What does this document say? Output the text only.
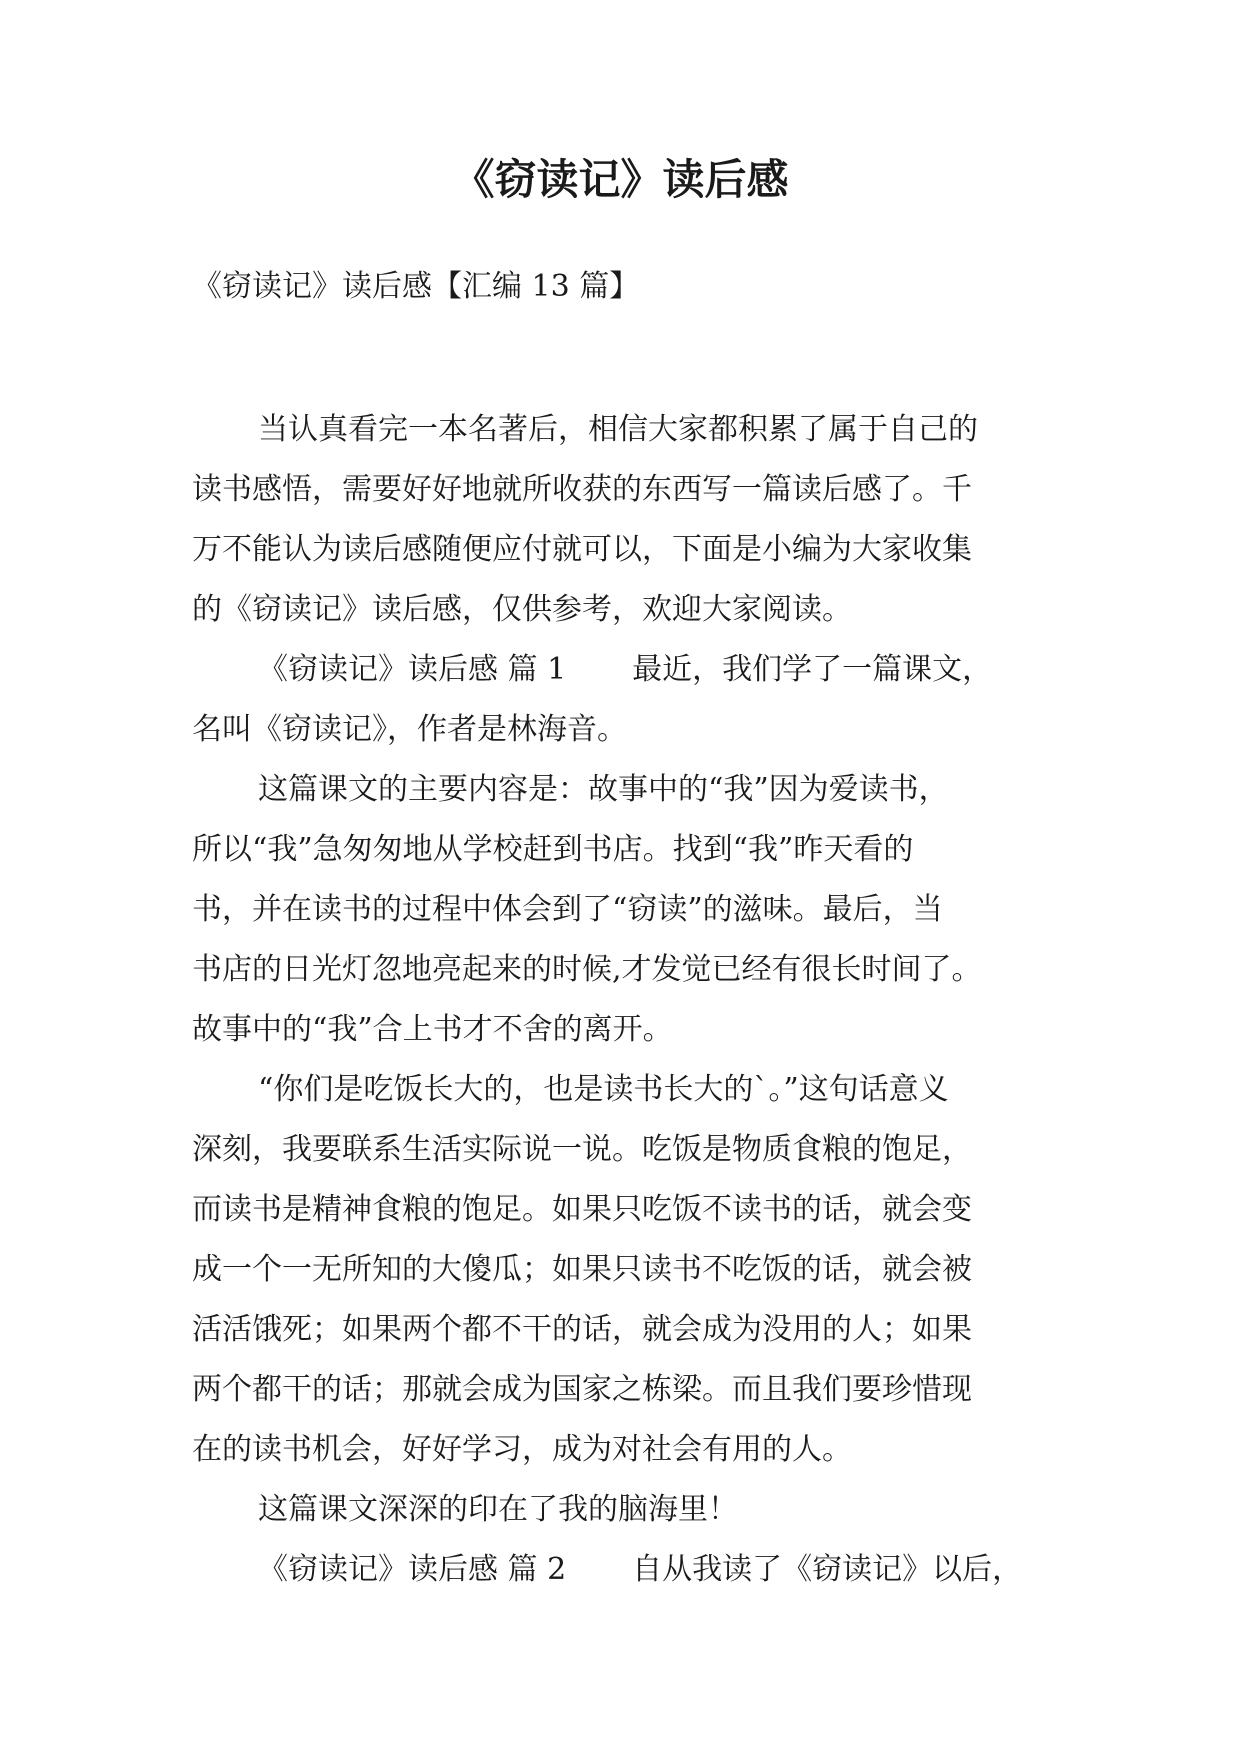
《窃读记》读后感

《窃读记》读后感【汇编 13 篇】

当认真看完一本名著后，相信大家都积累了属于自己的

读书感悟，需要好好地就所收获的东西写一篇读后感了。千

万不能认为读后感随便应付就可以，下面是小编为大家收集

的《窃读记》读后感，仅供参考，欢迎大家阅读。

《窃读记》读后感 篇 1 最近，我们学了一篇课文，

名叫《窃读记》，作者是林海音。

这篇课文的主要内容是：故事中的“我”因为爱读书，

所以“我”急匆匆地从学校赶到书店。找到“我”昨天看的

书，并在读书的过程中体会到了“窃读”的滋味。最后，当

书店的日光灯忽地亮起来的时候,才发觉已经有很长时间了。

故事中的“我”合上书才不舍的离开。

“你们是吃饭长大的，也是读书长大的`。”这句话意义

深刻，我要联系生活实际说一说。吃饭是物质食粮的饱足，

而读书是精神食粮的饱足。如果只吃饭不读书的话，就会变

成一个一无所知的大傻瓜；如果只读书不吃饭的话，就会被

活活饿死；如果两个都不干的话，就会成为没用的人；如果

两个都干的话；那就会成为国家之栋梁。而且我们要珍惜现

在的读书机会，好好学习，成为对社会有用的人。

这篇课文深深的印在了我的脑海里！

《窃读记》读后感 篇 2 自从我读了《窃读记》以后，
